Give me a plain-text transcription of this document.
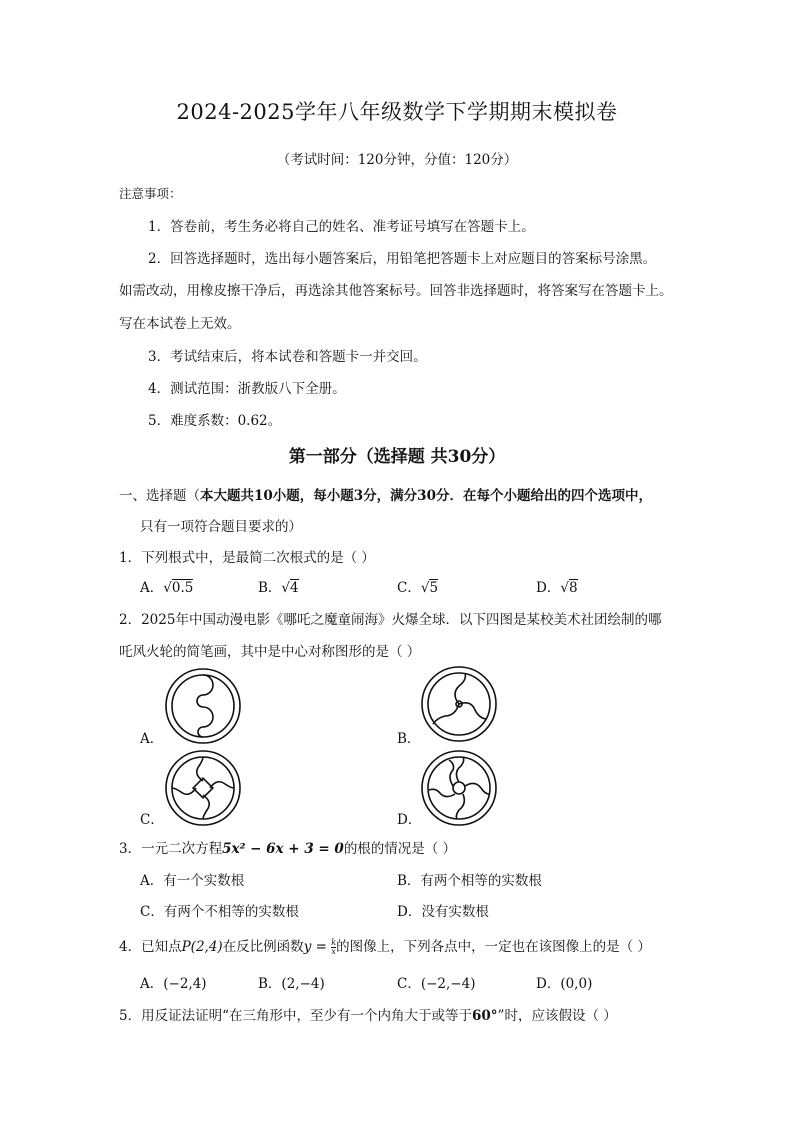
2024-2025学年八年级数学下学期期末模拟卷
（考试时间：120分钟，分值：120分）
注意事项：
1．答卷前，考生务必将自己的姓名、准考证号填写在答题卡上。
2．回答选择题时，选出每小题答案后，用铅笔把答题卡上对应题目的答案标号涂黑。
如需改动，用橡皮擦干净后，再选涂其他答案标号。回答非选择题时，将答案写在答题卡上。
写在本试卷上无效。
3．考试结束后，将本试卷和答题卡一并交回。
4．测试范围：浙教版八下全册。
5．难度系数：0.62。
第一部分（选择题 共30分）
一、选择题（本大题共10小题，每小题3分，满分30分．在每个小题给出的四个选项中，
只有一项符合题目要求的）
1．下列根式中，是最简二次根式的是（ ）
A．√0.5	B．√4	C．√5	D．√8
2．2025年中国动漫电影《哪吒之魔童闹海》火爆全球．以下四图是某校美术社团绘制的哪
吒风火轮的简笔画，其中是中心对称图形的是（ ）
A．	B．
C．	D．
3．一元二次方程5x² − 6x + 3 = 0的根的情况是（ ）
A．有一个实数根	B．有两个相等的实数根
C．有两个不相等的实数根	D．没有实数根
4．已知点P(2,4)在反比例函数$y = \frac{k}{x}$ 的图像上，下列各点中，一定也在该图像上的是（ ）
A．(−2,4)	B．(2,−4)	C．(−2,−4)	D．(0,0)
5．用反证法证明“在三角形中，至少有一个内角大于或等于60°”时，应该假设（ ）
